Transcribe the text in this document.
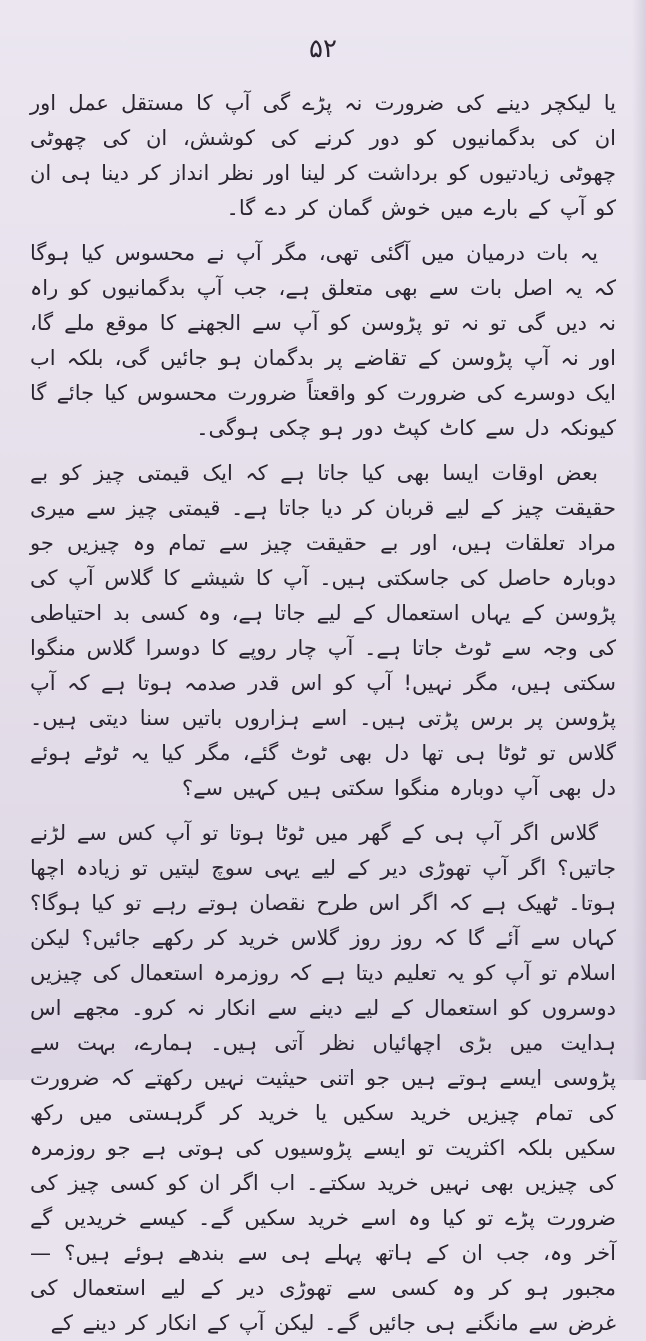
۵۲

یا لیکچر دینے کی ضرورت نہ پڑے گی آپ کا مستقل عمل اور ان کی بدگمانیوں کو دور کرنے کی کوشش، ان کی چھوٹی چھوٹی زیادتیوں کو برداشت کر لینا اور نظر انداز کر دینا ہی ان کو آپ کے بارے میں خوش گمان کر دے گا۔

یہ بات درمیان میں آگئی تھی، مگر آپ نے محسوس کیا ہوگا کہ یہ اصل بات سے بھی متعلق ہے، جب آپ بدگمانیوں کو راہ نہ دیں گی تو نہ تو پڑوسن کو آپ سے الجھنے کا موقع ملے گا، اور نہ آپ پڑوسن کے تقاضے پر بدگمان ہو جائیں گی، بلکہ اب ایک دوسرے کی ضرورت کو واقعتاً ضرورت محسوس کیا جائے گا کیونکہ دل سے کاٹ کپٹ دور ہو چکی ہوگی۔

بعض اوقات ایسا بھی کیا جاتا ہے کہ ایک قیمتی چیز کو بے حقیقت چیز کے لیے قربان کر دیا جاتا ہے۔ قیمتی چیز سے میری مراد تعلقات ہیں، اور بے حقیقت چیز سے تمام وہ چیزیں جو دوبارہ حاصل کی جاسکتی ہیں۔ آپ کا شیشے کا گلاس آپ کی پڑوسن کے یہاں استعمال کے لیے جاتا ہے، وہ کسی بد احتیاطی کی وجہ سے ٹوٹ جاتا ہے۔ آپ چار روپے کا دوسرا گلاس منگوا سکتی ہیں، مگر نہیں! آپ کو اس قدر صدمہ ہوتا ہے کہ آپ پڑوسن پر برس پڑتی ہیں۔ اسے ہزاروں باتیں سنا دیتی ہیں۔ گلاس تو ٹوٹا ہی تھا دل بھی ٹوٹ گئے، مگر کیا یہ ٹوٹے ہوئے دل بھی آپ دوبارہ منگوا سکتی ہیں کہیں سے؟

گلاس اگر آپ ہی کے گھر میں ٹوٹا ہوتا تو آپ کس سے لڑنے جاتیں؟ اگر آپ تھوڑی دیر کے لیے یہی سوچ لیتیں تو زیادہ اچھا ہوتا۔ ٹھیک ہے کہ اگر اس طرح نقصان ہوتے رہے تو کیا ہوگا؟ کہاں سے آئے گا کہ روز روز گلاس خرید کر رکھے جائیں؟ لیکن اسلام تو آپ کو یہ تعلیم دیتا ہے کہ روزمرہ استعمال کی چیزیں دوسروں کو استعمال کے لیے دینے سے انکار نہ کرو۔ مجھے اس ہدایت میں بڑی اچھائیاں نظر آتی ہیں۔ ہمارے، بہت سے پڑوسی ایسے ہوتے ہیں جو اتنی حیثیت نہیں رکھتے کہ ضرورت کی تمام چیزیں خرید سکیں یا خرید کر گرہستی میں رکھ سکیں بلکہ اکثریت تو ایسے پڑوسیوں کی ہوتی ہے جو روزمرہ کی چیزیں بھی نہیں خرید سکتے۔ اب اگر ان کو کسی چیز کی ضرورت پڑے تو کیا وہ اسے خرید سکیں گے۔ کیسے خریدیں گے آخر وہ، جب ان کے ہاتھ پہلے ہی سے بندھے ہوئے ہیں؟ — مجبور ہو کر وہ کسی سے تھوڑی دیر کے لیے استعمال کی غرض سے مانگنے ہی جائیں گے۔ لیکن آپ کے انکار کر دینے کے
